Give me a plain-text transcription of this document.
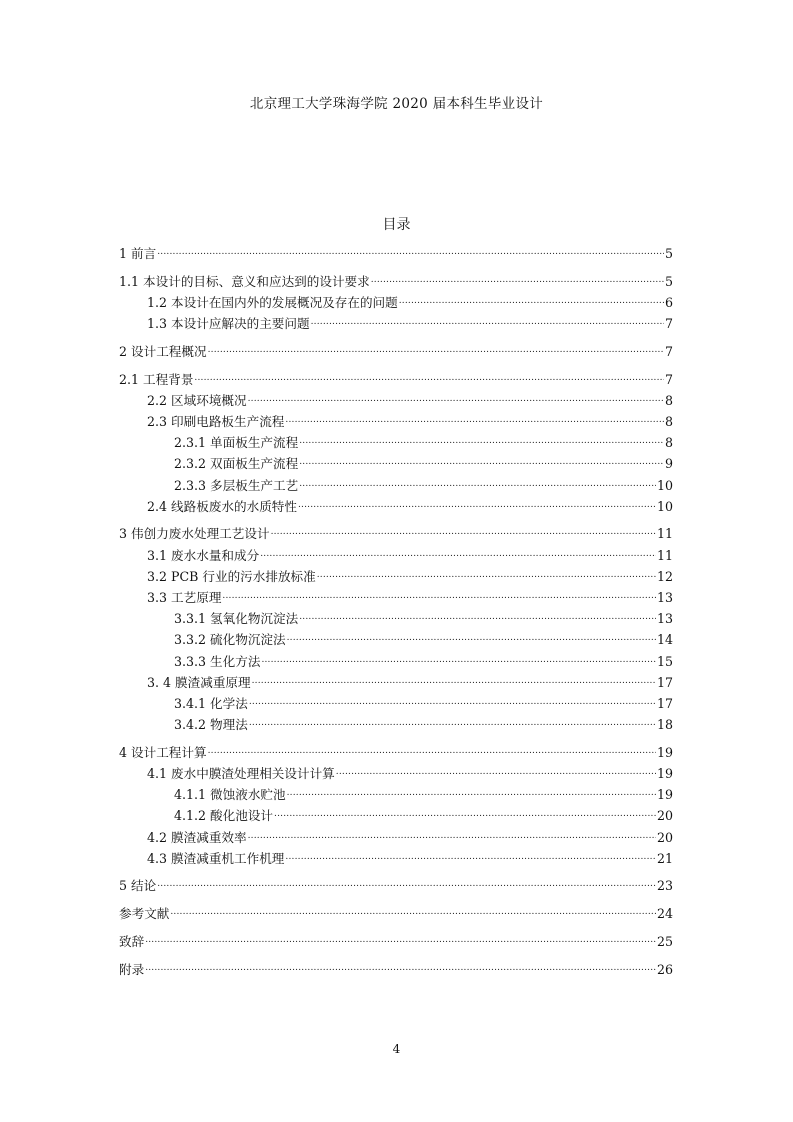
北京理工大学珠海学院 2020 届本科生毕业设计
目录
1 前言 .....	5
1.1 本设计的目标、意义和应达到的设计要求 .....	5
1.2 本设计在国内外的发展概况及存在的问题 .....	6
1.3 本设计应解决的主要问题 .....	7
2 设计工程概况 .....	7
2.1 工程背景 .....	7
2.2 区域环境概况 .....	8
2.3 印刷电路板生产流程 .....	8
2.3.1 单面板生产流程 .....	8
2.3.2 双面板生产流程 .....	9
2.3.3 多层板生产工艺 .....	10
2.4 线路板废水的水质特性 .....	10
3 伟创力废水处理工艺设计 .....	11
3.1 废水水量和成分 .....	11
3.2 PCB 行业的污水排放标准 .....	12
3.3 工艺原理 .....	13
3.3.1 氢氧化物沉淀法 .....	13
3.3.2 硫化物沉淀法 .....	14
3.3.3 生化方法 .....	15
3. 4 膜渣减重原理 .....	17
3.4.1 化学法 .....	17
3.4.2 物理法 .....	18
4 设计工程计算 .....	19
4.1 废水中膜渣处理相关设计计算 .....	19
4.1.1 微蚀液水贮池 .....	19
4.1.2 酸化池设计 .....	20
4.2 膜渣减重效率 .....	20
4.3 膜渣减重机工作机理 .....	21
5 结论 .....	23
参考文献 .....	24
致辞 .....	25
附录 .....	26
4
